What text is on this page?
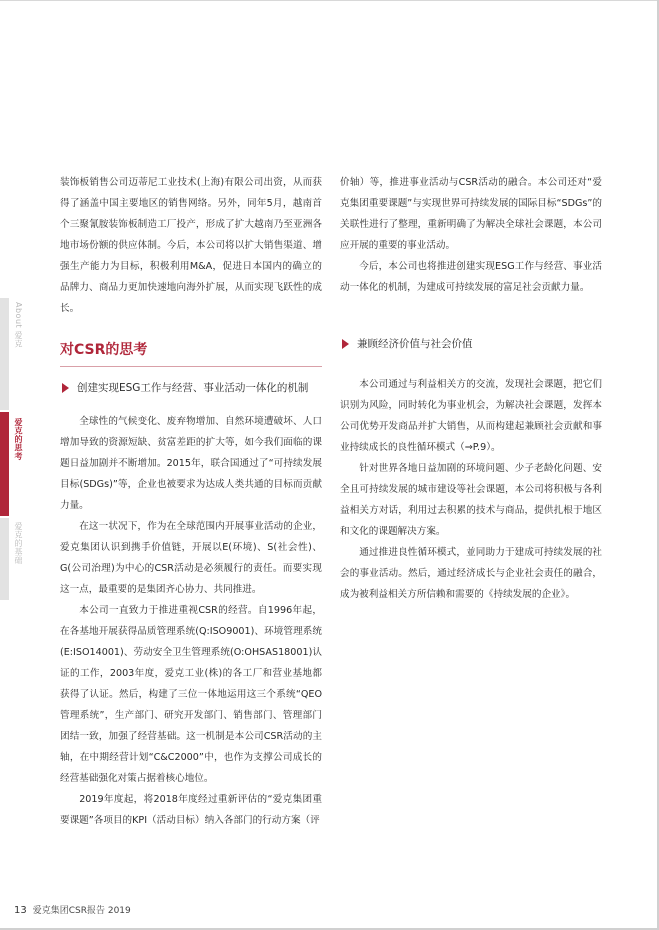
装饰板销售公司迈蒂尼工业技术(上海)有限公司出资，从而获得了涵盖中国主要地区的销售网络。另外，同年5月，越南首个三聚氰胺装饰板制造工厂投产，形成了扩大越南乃至亚洲各地市场份额的供应体制。今后，本公司将以扩大销售渠道、增强生产能力为目标，积极利用M&A，促进日本国内的确立的品牌力、商品力更加快速地向海外扩展，从而实现飞跃性的成长。

价轴）等，推进事业活动与CSR活动的融合。本公司还对“爱克集团重要课题”与实现世界可持续发展的国际目标“SDGs”的关联性进行了整理，重新明确了为解决全球社会课题，本公司应开展的重要的事业活动。

今后，本公司也将推进创建实现ESG工作与经营、事业活动一体化的机制，为建成可持续发展的富足社会贡献力量。

对CSR的思考
创建实现ESG工作与经营、事业活动一体化的机制
兼顾经济价值与社会价值

全球性的气候变化、废弃物增加、自然环境遭破坏、人口增加导致的资源短缺、贫富差距的扩大等，如今我们面临的课题日益加剧并不断增加。2015年，联合国通过了“可持续发展目标(SDGs)”等，企业也被要求为达成人类共通的目标而贡献力量。

在这一状况下，作为在全球范围内开展事业活动的企业，爱克集团认识到携手价值链，开展以E(环境)、S(社会性)、G(公司治理)为中心的CSR活动是必须履行的责任。而要实现这一点，最重要的是集团齐心协力、共同推进。

本公司一直致力于推进重视CSR的经营。自1996年起，在各基地开展获得品质管理系统(Q:ISO9001)、环境管理系统(E:ISO14001)、劳动安全卫生管理系统(O:OHSAS18001)认证的工作，2003年度，爱克工业(株)的各工厂和营业基地都获得了认证。然后，构建了三位一体地运用这三个系统“QEO管理系统”，生产部门、研究开发部门、销售部门、管理部门团结一致，加强了经营基础。这一机制是本公司CSR活动的主轴，在中期经营计划“C&C2000”中，也作为支撑公司成长的经营基础强化对策占据着核心地位。

2019年度起，将2018年度经过重新评估的“爱克集团重要课题”各项目的KPI（活动目标）纳入各部门的行动方案（评

本公司通过与利益相关方的交流，发现社会课题，把它们识别为风险，同时转化为事业机会，为解决社会课题，发挥本公司优势开发商品并扩大销售，从而构建起兼顾社会贡献和事业持续成长的良性循环模式（⇒P.9）。

针对世界各地日益加剧的环境问题、少子老龄化问题、安全且可持续发展的城市建设等社会课题，本公司将积极与各利益相关方对话，利用过去积累的技术与商品，提供扎根于地区和文化的课题解决方案。

通过推进良性循环模式，並同助力于建成可持续发展的社会的事业活动。然后，通过经济成长与企业社会责任的融合，成为被利益相关方所信赖和需要的《持续发展的企业》。

About 爱克
爱克的思考
爱克的基础
13 爱克集团CSR报告 2019
